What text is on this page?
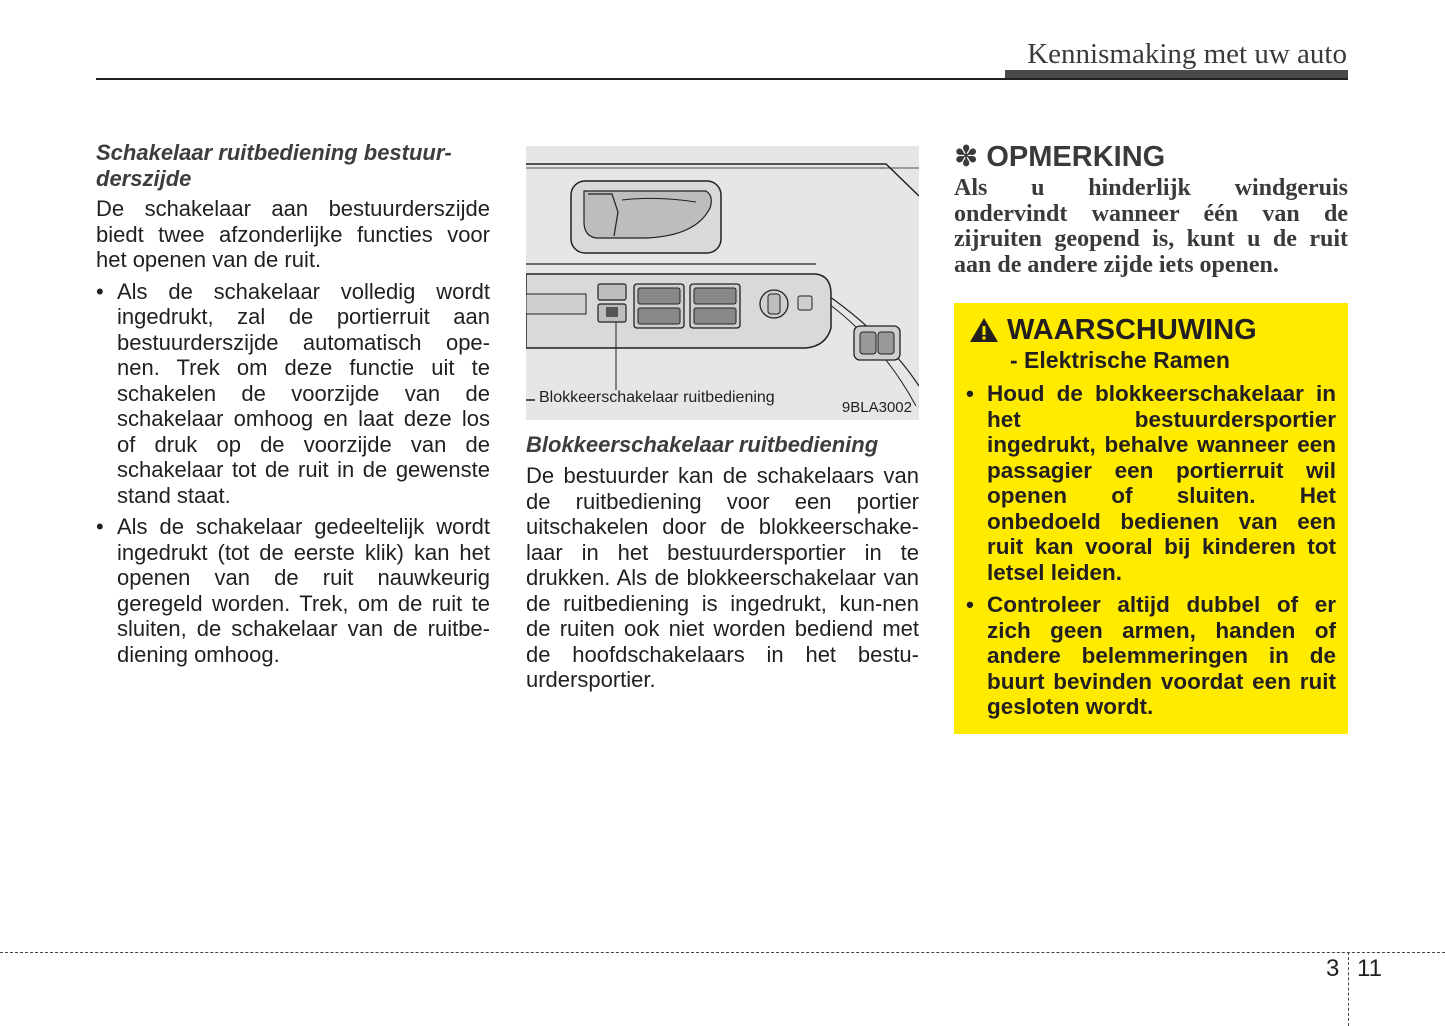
Kennismaking met uw auto

Schakelaar ruitbediening bestuur-derszijde

De schakelaar aan bestuurderszijde biedt twee afzonderlijke functies voor het openen van de ruit.

• Als de schakelaar volledig wordt ingedrukt, zal de portierruit aan bestuurderszijde automatisch ope-nen. Trek om deze functie uit te schakelen de voorzijde van de schakelaar omhoog en laat deze los of druk op de voorzijde van de schakelaar tot de ruit in de gewenste stand staat.
• Als de schakelaar gedeeltelijk wordt ingedrukt (tot de eerste klik) kan het openen van de ruit nauwkeurig geregeld worden. Trek, om de ruit te sluiten, de schakelaar van de ruitbe-diening omhoog.
Blokkeerschakelaar ruitbediening
9BLA3002

Blokkeerschakelaar ruitbediening

De bestuurder kan de schakelaars van de ruitbediening voor een portier uitschakelen door de blokkeerschake-laar in het bestuurdersportier in te drukken. Als de blokkeerschakelaar van de ruitbediening is ingedrukt, kun-nen de ruiten ook niet worden bediend met de hoofdschakelaars in het bestu-urdersportier.

✽ OPMERKING

Als u hinderlijk windgeruis ondervindt wanneer één van de zijruiten geopend is, kunt u de ruit aan de andere zijde iets openen.

WAARSCHUWING

- Elektrische Ramen

• Houd de blokkeerschakelaar in het bestuurdersportier ingedrukt, behalve wanneer een passagier een portierruit wil openen of sluiten. Het onbedoeld bedienen van een ruit kan vooral bij kinderen tot letsel leiden.
• Controleer altijd dubbel of er zich geen armen, handen of andere belemmeringen in de buurt bevinden voordat een ruit gesloten wordt.
3 11
